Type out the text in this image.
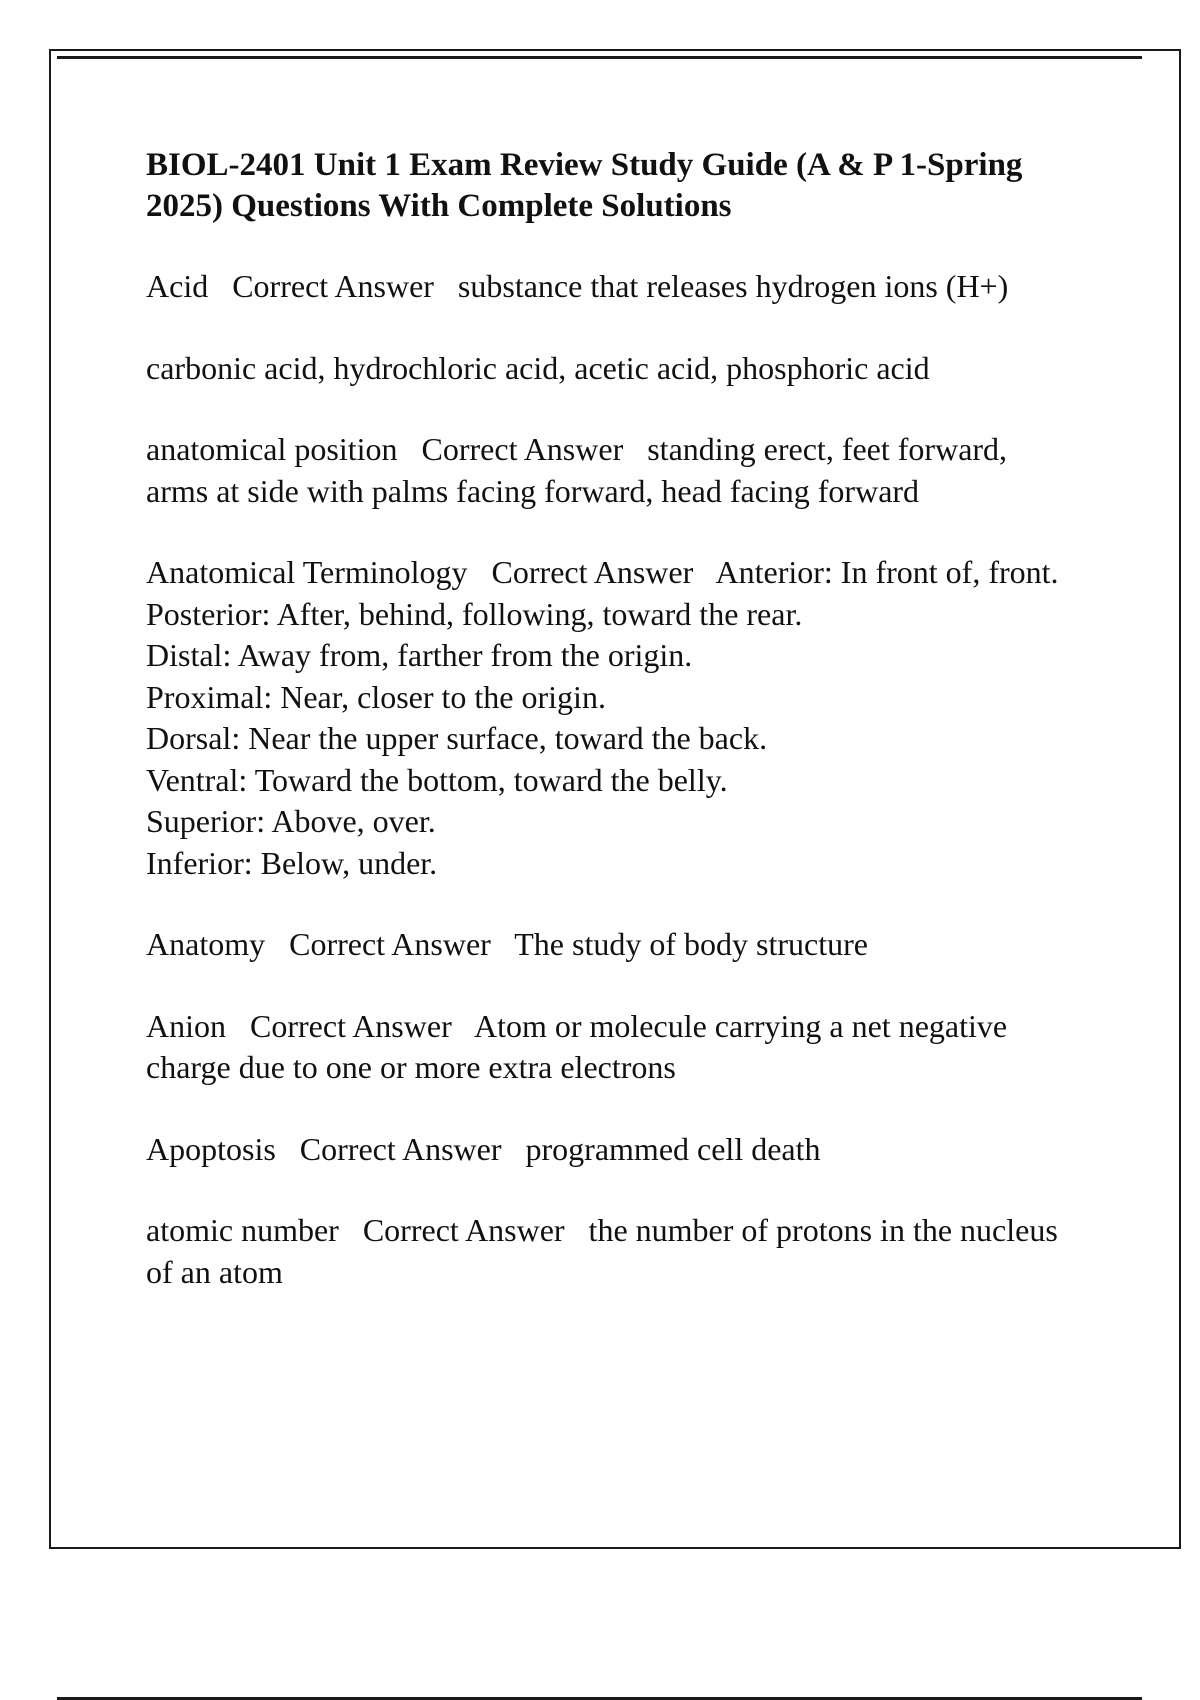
BIOL-2401 Unit 1 Exam Review Study Guide (A & P 1-Spring 2025) Questions With Complete Solutions

Acid Correct Answer substance that releases hydrogen ions (H+)

carbonic acid, hydrochloric acid, acetic acid, phosphoric acid

anatomical position Correct Answer standing erect, feet forward, arms at side with palms facing forward, head facing forward

Anatomical Terminology Correct Answer Anterior: In front of, front.
Posterior: After, behind, following, toward the rear.
Distal: Away from, farther from the origin.
Proximal: Near, closer to the origin.
Dorsal: Near the upper surface, toward the back.
Ventral: Toward the bottom, toward the belly.
Superior: Above, over.
Inferior: Below, under.

Anatomy Correct Answer The study of body structure

Anion Correct Answer Atom or molecule carrying a net negative charge due to one or more extra electrons

Apoptosis Correct Answer programmed cell death

atomic number Correct Answer the number of protons in the nucleus of an atom
